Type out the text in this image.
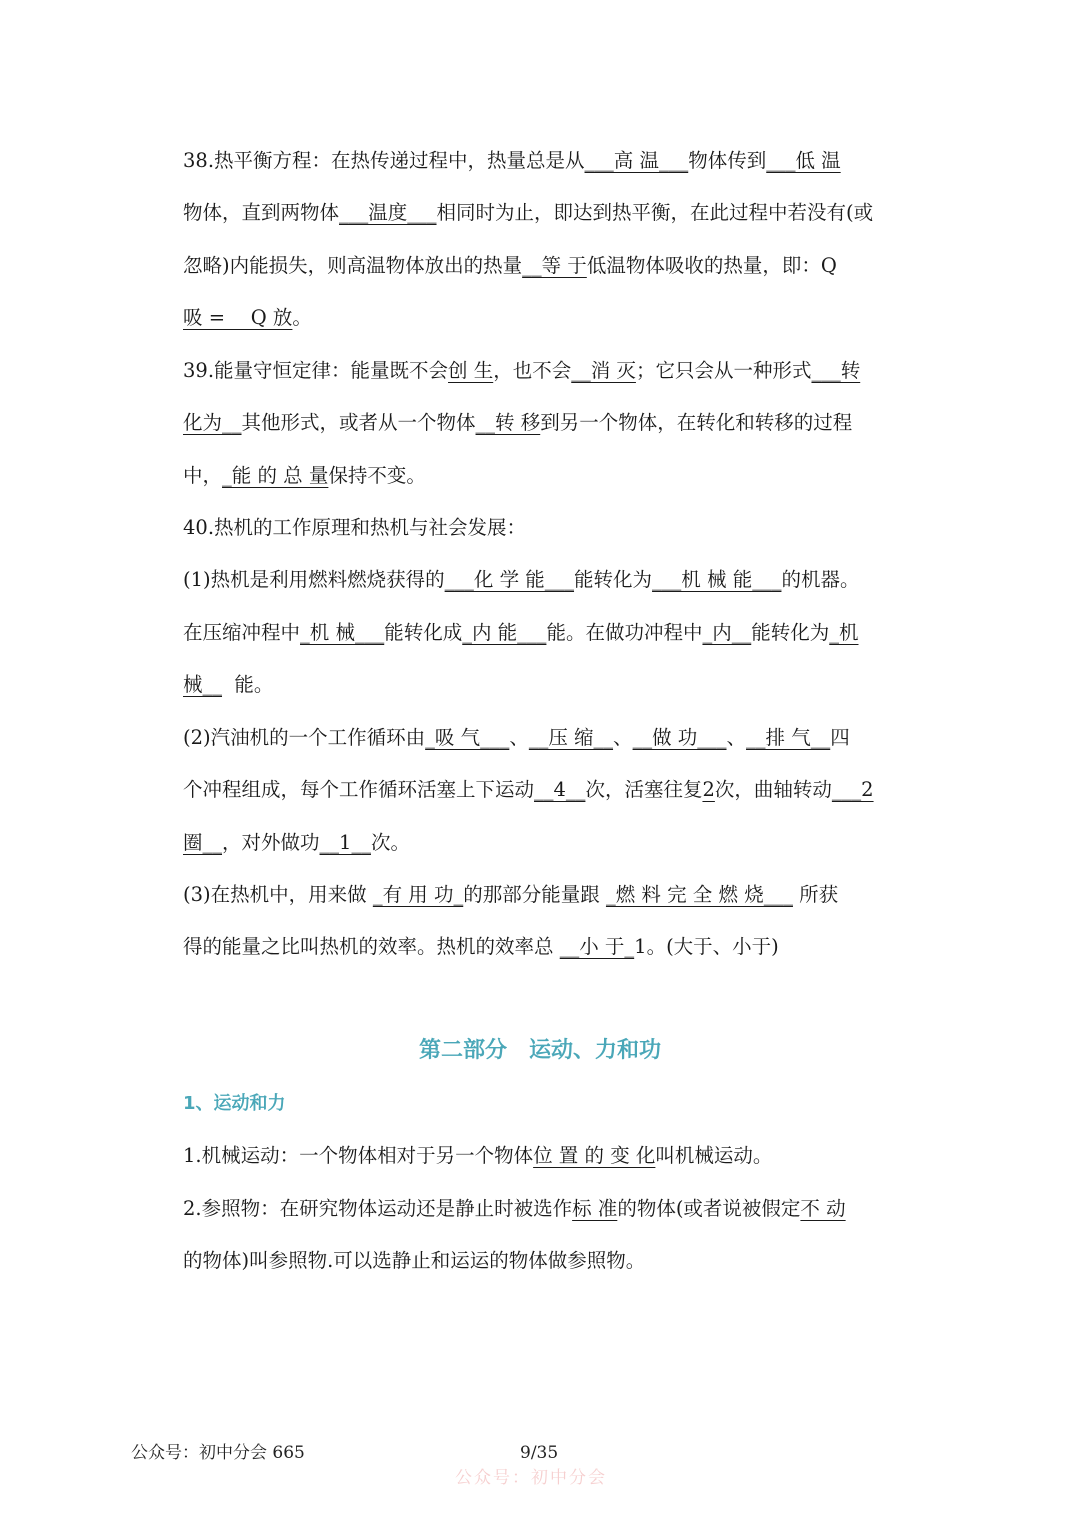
38.热平衡方程：在热传递过程中，热量总是从___高 温___物体传到___低 温
物体，直到两物体___温度___相同时为止，即达到热平衡，在此过程中若没有(或
忽略)内能损失，则高温物体放出的热量__等 于低温物体吸收的热量，即：Q
吸 =　 Q 放。
39.能量守恒定律：能量既不会创 生，也不会__消 灭；它只会从一种形式___转
化为__其他形式，或者从一个物体__转 移到另一个物体，在转化和转移的过程
中，_能 的 总 量保持不变。
40.热机的工作原理和热机与社会发展：
(1)热机是利用燃料燃烧获得的___化 学 能___能转化为___机 械 能___的机器。
在压缩冲程中_机 械___能转化成_内 能___能。在做功冲程中_内__能转化为_机
械__ 能。
(2)汽油机的一个工作循环由_吸 气___、__压 缩__、__做 功___、__排 气__四
个冲程组成，每个工作循环活塞上下运动__4__次，活塞往复2次，曲轴转动___2
圈__，对外做功__1__次。
(3)在热机中，用来做 _有 用 功_的那部分能量跟 _燃 料 完 全 燃 烧___ 所获
得的能量之比叫热机的效率。热机的效率总 __小 于_1。(大于、小于)
第二部分　运动、力和功
1、运动和力
1.机械运动：一个物体相对于另一个物体位 置 的 变 化叫机械运动。
2.参照物：在研究物体运动还是静止时被选作标 准的物体(或者说被假定不 动
的物体)叫参照物.可以选静止和运运的物体做参照物。
公众号：初中分会 665	9/35
公众号：初中分会
